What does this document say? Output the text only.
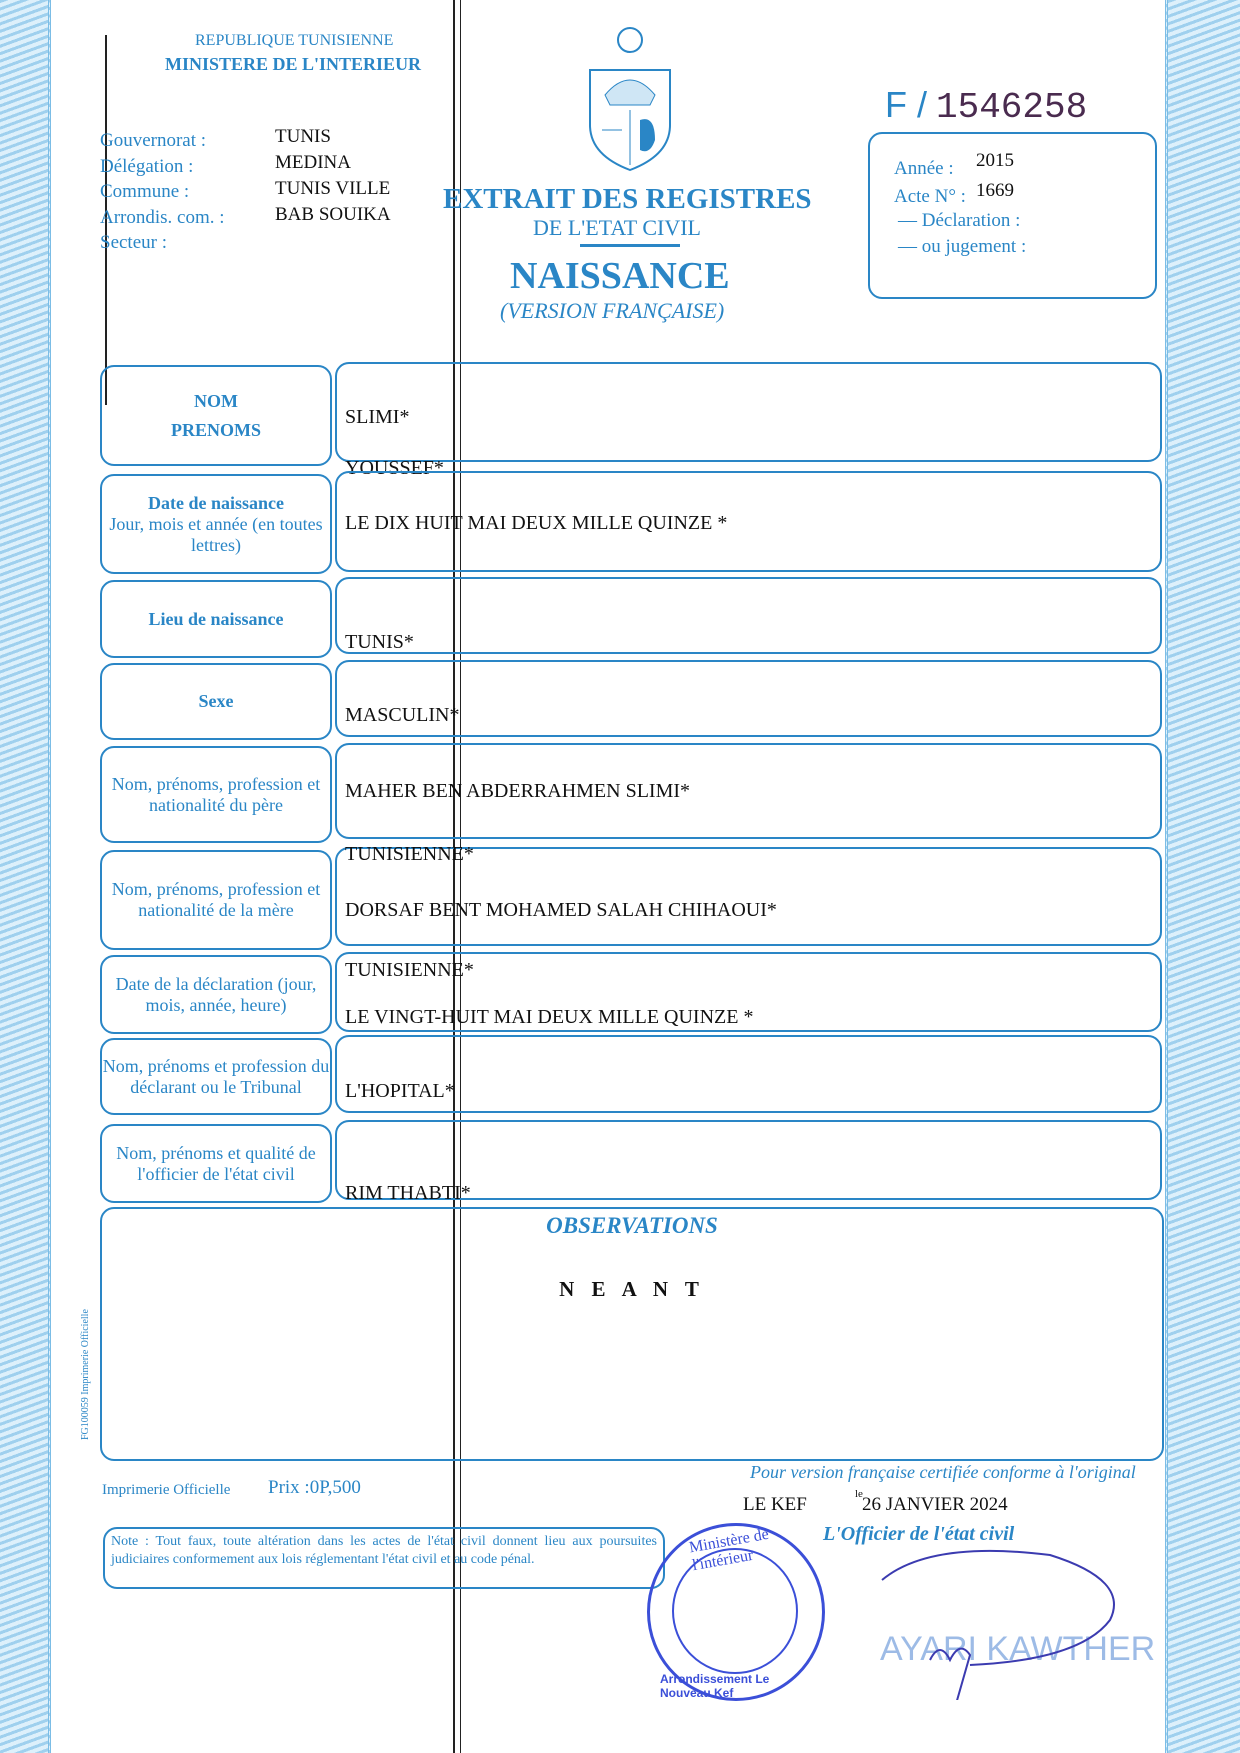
REPUBLIQUE TUNISIENNE
MINISTERE DE L'INTERIEUR
Gouvernorat :
Délégation :
Commune :
Arrondis. com. :
Secteur :
TUNIS
MEDINA
TUNIS VILLE
BAB SOUIKA EXTRAIT DES REGISTRES
DE L'ETAT CIVIL
NAISSANCE
(VERSION FRANÇAISE)
F / 1546258
Année : 2015
Acte N° : 1669
— Déclaration :
— ou jugement :
NOM
PRENOMS
SLIMI*
YOUSSEF*
Date de naissance
Jour, mois et année (en toutes lettres)
LE DIX HUIT MAI DEUX MILLE QUINZE *
Lieu de naissance
TUNIS*
Sexe
MASCULIN*
Nom, prénoms, profession et nationalité du père
MAHER BEN ABDERRAHMEN SLIMI*
Nom, prénoms, profession et nationalité de la mère
TUNISIENNE*
DORSAF BENT MOHAMED SALAH CHIHAOUI*
Date de la déclaration (jour, mois, année, heure)
TUNISIENNE*
LE VINGT-HUIT MAI DEUX MILLE QUINZE *
Nom, prénoms et profession du déclarant ou le Tribunal	L'HOPITAL*
Nom, prénoms et qualité de l'officier de l'état civil
RIM THABTI*
OBSERVATIONS
N E A N T
FG100059 Imprimerie Officielle
Imprimerie Officielle Prix :0P,500
Pour version française certifiée conforme à l'original
LE KEF	le 26 JANVIER 2024
L'Officier de l'état civil
Note : Tout faux, toute altération dans les actes de l'état civil donnent lieu aux poursuites judiciaires conformement aux lois réglementant l'état civil et au code pénal.
Ministère de l'intérieur
Arrondissement Le Nouveau Kef
AYARI KAWTHER
